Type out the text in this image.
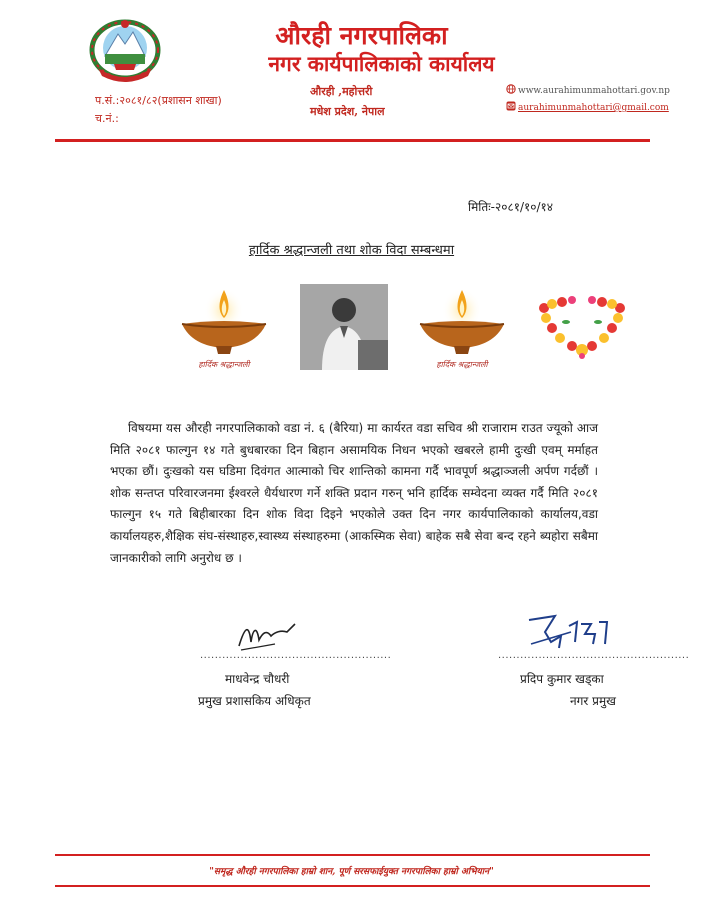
औरही नगरपालिका
नगर कार्यपालिकाको कार्यालय
औरही ,महोत्तरी
मधेश प्रदेश, नेपाल
प.सं.:२०८१/८२(प्रशासन शाखा)
च.नं.:
www.aurahimunmahottari.gov.np
aurahimunmahottari@gmail.com
मितिः-२०८१/१०/१४
हार्दिक श्रद्धान्जली तथा शोक विदा सम्बन्धमा
हार्दिक श्रद्धान्जली	हार्दिक श्रद्धान्जली
विषयमा यस औरही नगरपालिकाको वडा नं. ६ (बैरिया) मा कार्यरत वडा सचिव श्री राजाराम राउत ज्यूको आज मिति २०८१ फाल्गुन १४ गते बुधबारका दिन बिहान असामयिक निधन भएको खबरले हामी दुःखी एवम् मर्माहत भएका छौं। दुःखको यस घडिमा दिवंगत आत्माको चिर शान्तिको कामना गर्दै भावपूर्ण श्रद्धाञ्जली अर्पण गर्दछौं । शोक सन्तप्त परिवारजनमा ईश्वरले धैर्यधारण गर्ने शक्ति प्रदान गरुन् भनि हार्दिक सम्वेदना व्यक्त गर्दै मिति २०८१ फाल्गुन १५ गते बिहीबारका दिन शोक विदा दिइने भएकोले उक्त दिन नगर कार्यपालिकाको कार्यालय,वडा कार्यालयहरु,शैक्षिक संघ-संस्थाहरु,स्वास्थ्य संस्थाहरुमा (आकस्मिक सेवा) बाहेक सबै सेवा बन्द रहने ब्यहोरा सबैमा जानकारीको लागि अनुरोध छ ।
....................................................	....................................................
माधवेन्द्र चौधरी
प्रमुख प्रशासकिय अधिकृत
प्रदिप कुमार खड्का
नगर प्रमुख
"समृद्ध औरही नगरपालिका हाम्रो शान, पूर्ण सरसफाईयुक्त नगरपालिका हाम्रो अभियान"
